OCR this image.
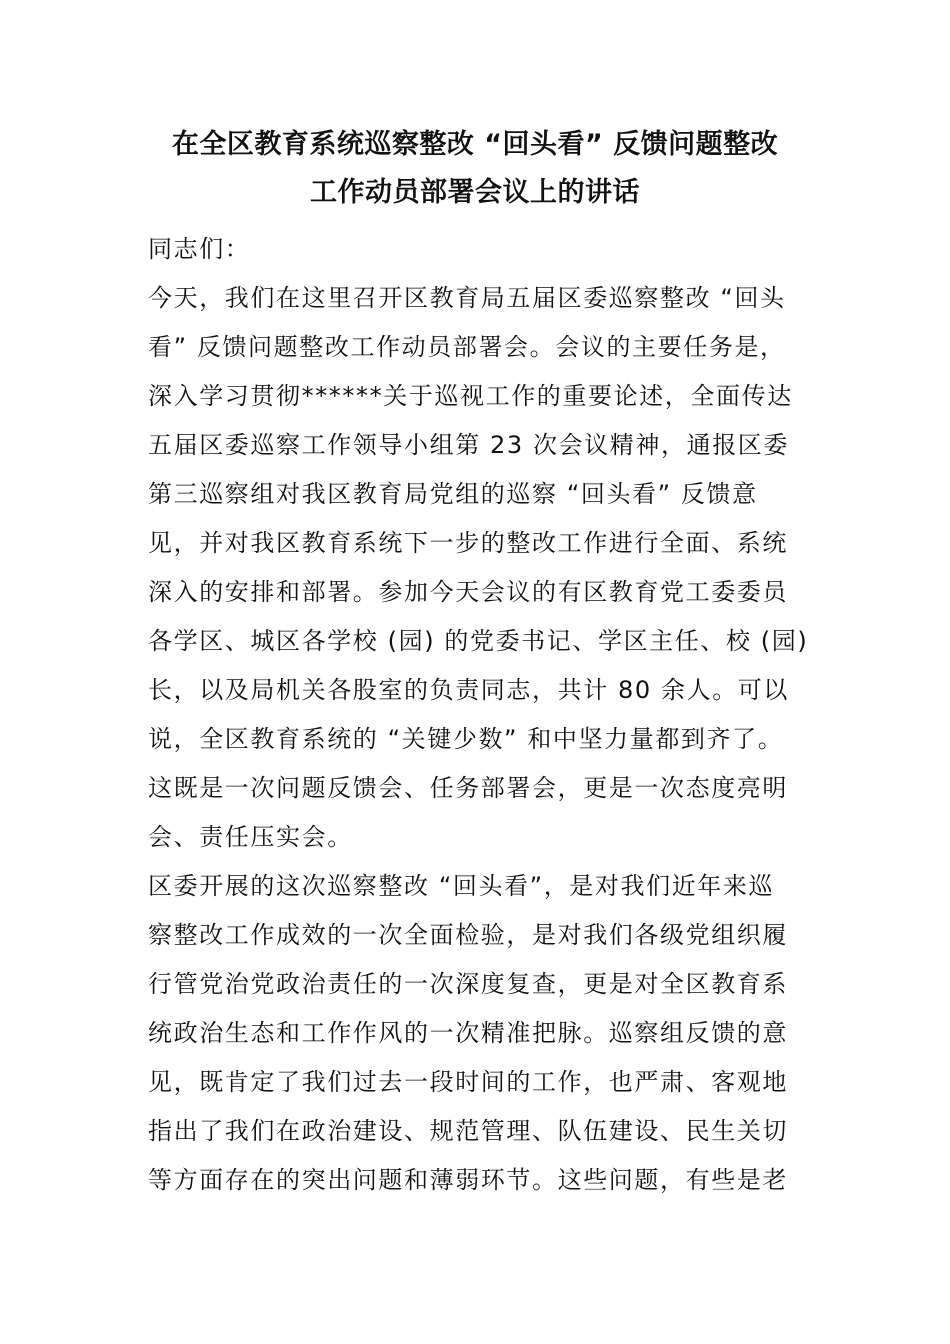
在全区教育系统巡察整改 “回头看” 反馈问题整改
工作动员部署会议上的讲话
同志们：
今天，我们在这里召开区教育局五届区委巡察整改 “回头
看” 反馈问题整改工作动员部署会。会议的主要任务是，
深入学习贯彻******关于巡视工作的重要论述，全面传达
五届区委巡察工作领导小组第 23 次会议精神，通报区委
第三巡察组对我区教育局党组的巡察 “回头看” 反馈意
见，并对我区教育系统下一步的整改工作进行全面、系统
深入的安排和部署。参加今天会议的有区教育党工委委员
各学区、城区各学校 (园) 的党委书记、学区主任、校 (园)
长，以及局机关各股室的负责同志，共计 80 余人。可以
说，全区教育系统的 “关键少数” 和中坚力量都到齐了。
这既是一次问题反馈会、任务部署会，更是一次态度亮明
会、责任压实会。
区委开展的这次巡察整改 “回头看”，是对我们近年来巡
察整改工作成效的一次全面检验，是对我们各级党组织履
行管党治党政治责任的一次深度复查，更是对全区教育系
统政治生态和工作作风的一次精准把脉。巡察组反馈的意
见，既肯定了我们过去一段时间的工作，也严肃、客观地
指出了我们在政治建设、规范管理、队伍建设、民生关切
等方面存在的突出问题和薄弱环节。这些问题，有些是老
